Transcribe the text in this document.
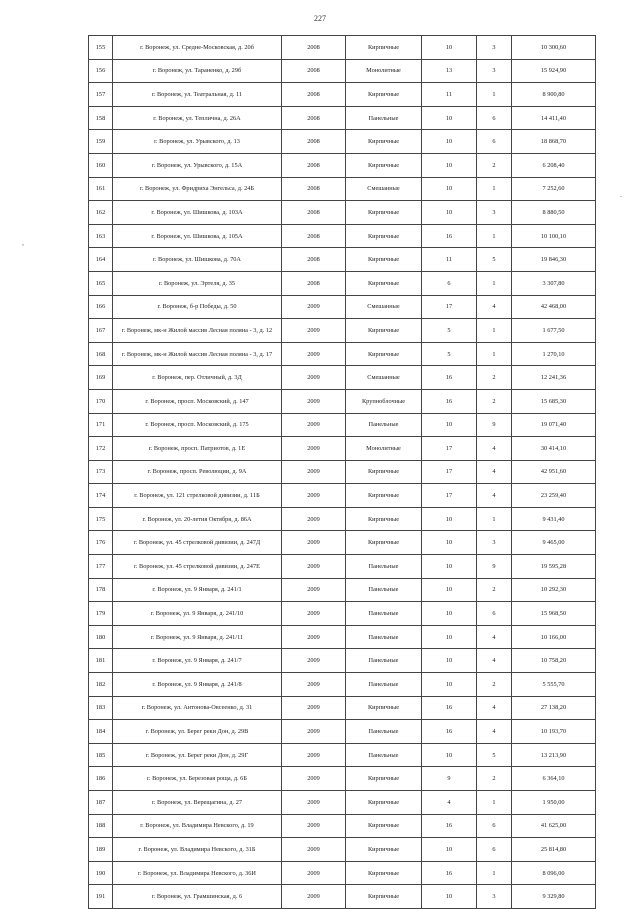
227
,
.
155	г. Воронеж, ул. Средне-Московская, д. 20б	2008	Кирпичные	10	3	10 300,60
156	г. Воронеж, ул. Тараненко, д. 29б	2008	Монолитные	13	3	15 924,90
157	г. Воронеж, ул. Театральная, д. 11	2008	Кирпичные	11	1	8 900,80
158	г. Воронеж, ул. Теплична, д. 26А	2008	Панельные	10	6	14 411,40
159	г. Воронеж, ул. Урывского, д. 13	2008	Кирпичные	10	6	18 868,70
160	г. Воронеж, ул. Урывского, д. 15А	2008	Кирпичные	10	2	6 208,40
161	г. Воронеж, ул. Фридриха Энгельса, д. 24Б	2008	Смешанные	10	1	7 252,60
162	г. Воронеж, ул. Шишкова, д. 103А	2008	Кирпичные	10	3	8 880,50
163	г. Воронеж, ул. Шишкова, д. 105А	2008	Кирпичные	16	1	10 100,10
164	г. Воронеж, ул. Шишкова, д. 70А	2008	Кирпичные	11	5	19 846,30
165	г. Воронеж, ул. Эртеля, д. 35	2008	Кирпичные	6	1	3 307,80
166	г. Воронеж, б-р Победы, д. 50	2009	Смешанные	17	4	42 468,00
167	г. Воронеж, мк-н Жилой массив Лесная поляна - 3, д. 12	2009	Кирпичные	5	1	1 677,50
168	г. Воронеж, мк-н Жилой массив Лесная поляна - 3, д. 17	2009	Кирпичные	5	1	1 270,10
169	г. Воронеж, пер. Отличный, д. 3Д	2009	Смешанные	16	2	12 241,36
170	г. Воронеж, просп. Московский, д. 147	2009	Крупноблочные	16	2	15 685,30
171	г. Воронеж, просп. Московский, д. 175	2009	Панельные	10	9	19 071,40
172	г. Воронеж, просп. Патриотов, д. 1Е	2009	Монолитные	17	4	30 414,10
173	г. Воронеж, просп. Революции, д. 9А	2009	Кирпичные	17	4	42 951,60
174	г. Воронеж, ул. 121 стрелковой дивизии, д. 11Б	2009	Кирпичные	17	4	23 259,40
175	г. Воронеж, ул. 20-летия Октября, д. 86А	2009	Кирпичные	10	1	9 431,40
176	г. Воронеж, ул. 45 стрелковой дивизии, д. 247Д	2009	Кирпичные	10	3	9 465,00
177	г. Воронеж, ул. 45 стрелковой дивизии, д. 247Е	2009	Панельные	10	9	19 595,28
178	г. Воронеж, ул. 9 Января, д. 241/1	2009	Панельные	10	2	10 292,30
179	г. Воронеж, ул. 9 Января, д. 241/10	2009	Панельные	10	6	15 968,50
180	г. Воронеж, ул. 9 Января, д. 241/11	2009	Панельные	10	4	10 166,00
181	г. Воронеж, ул. 9 Января, д. 241/7	2009	Панельные	10	4	10 758,20
182	г. Воронеж, ул. 9 Января, д. 241/8	2009	Панельные	10	2	5 555,70
183	г. Воронеж, ул. Антонова-Овсеенко, д. 31	2009	Кирпичные	16	4	27 138,20
184	г. Воронеж, ул. Берег реки Дон, д. 29В	2009	Панельные	16	4	10 193,70
185	г. Воронеж, ул. Берег реки Дон, д. 29Г	2009	Панельные	10	5	13 213,90
186	г. Воронеж, ул. Березовая роща, д. 6Б	2009	Кирпичные	9	2	6 364,10
187	г. Воронеж, ул. Верещагина, д. 27	2009	Кирпичные	4	1	1 950,00
188	г. Воронеж, ул. Владимира Невского, д. 19	2009	Кирпичные	16	6	41 625,00
189	г. Воронеж, ул. Владимира Невского, д. 31Б	2009	Кирпичные	10	6	25 814,80
190	г. Воронеж, ул. Владимира Невского, д. 36И	2009	Кирпичные	16	1	8 096,00
191	г. Воронеж, ул. Грамшинская, д. 6	2009	Кирпичные	10	3	9 329,80
